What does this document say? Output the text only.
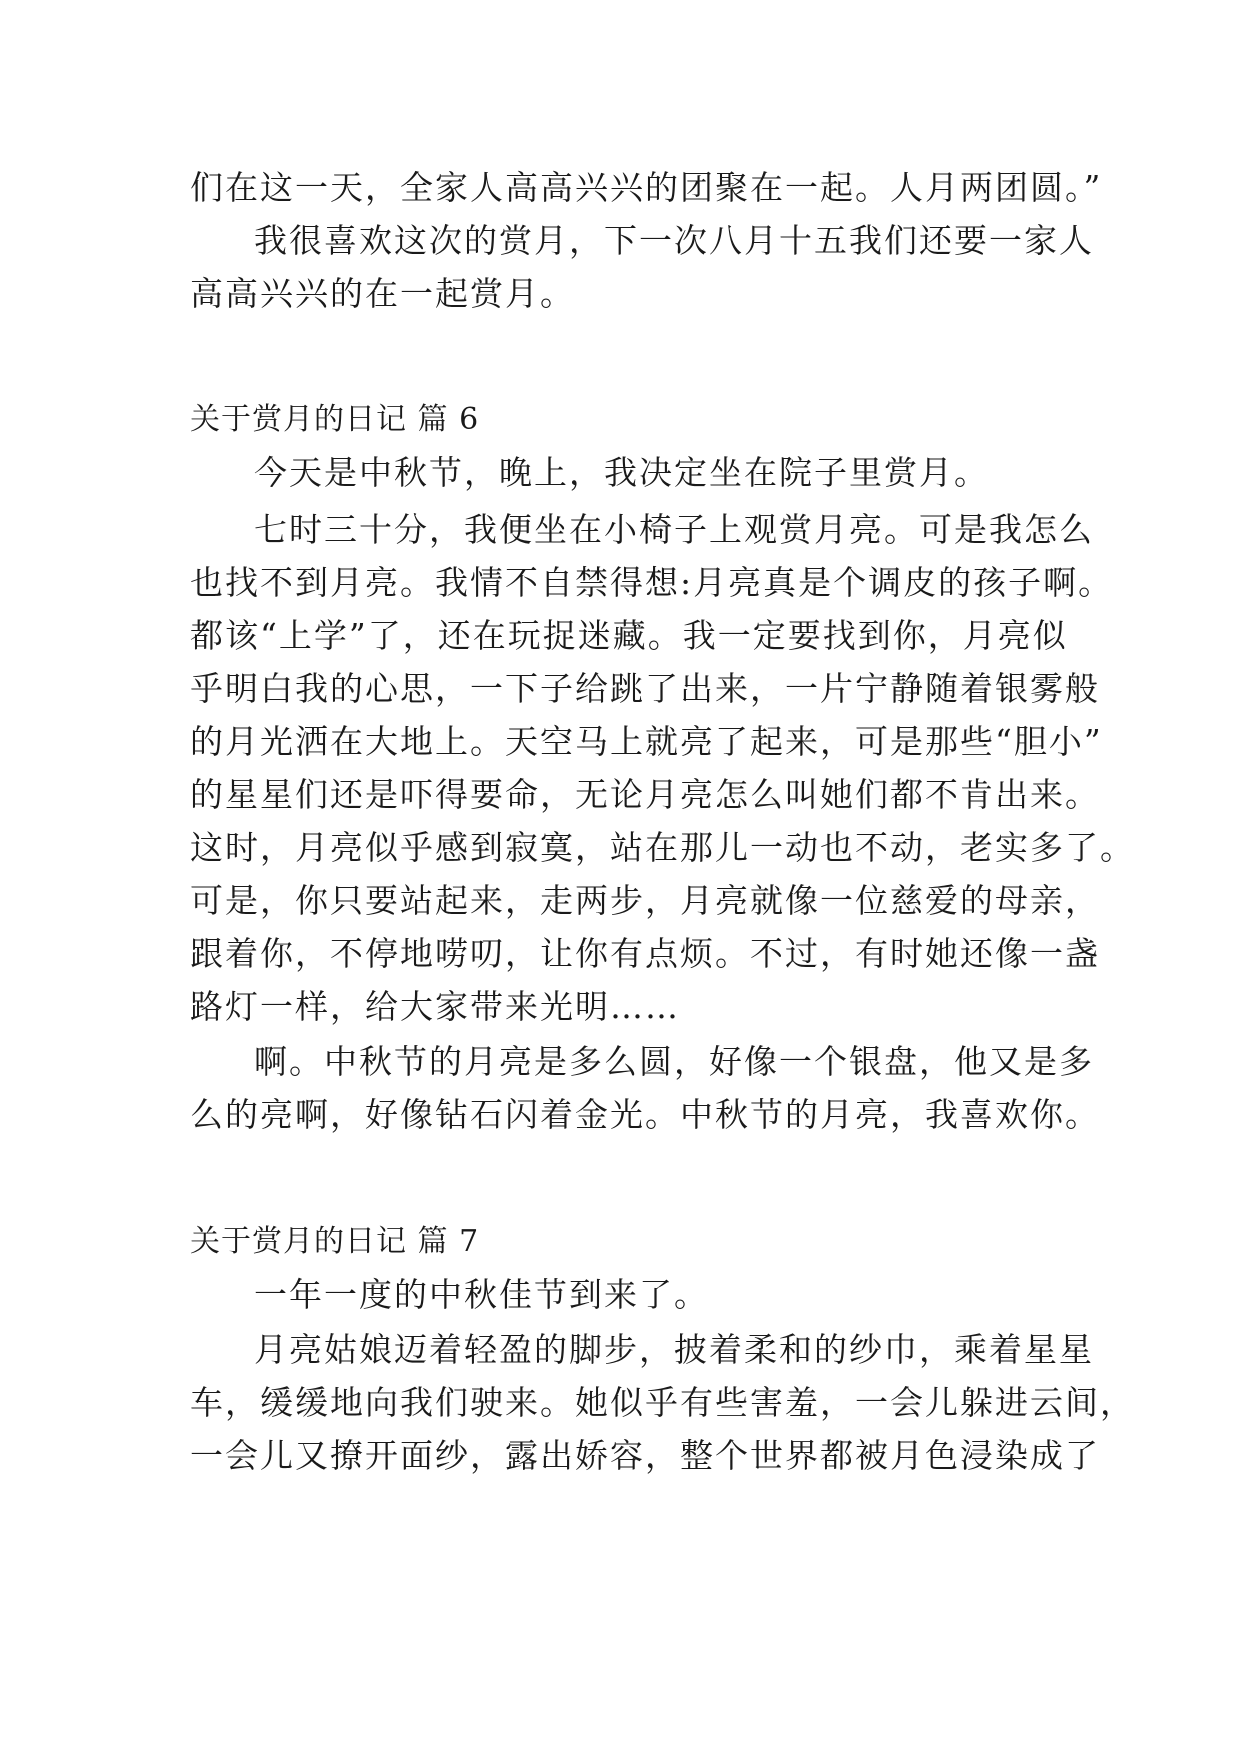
们在这一天，全家人高高兴兴的团聚在一起。人月两团圆。”
我很喜欢这次的赏月，下一次八月十五我们还要一家人
高高兴兴的在一起赏月。
关于赏月的日记 篇 6
今天是中秋节，晚上，我决定坐在院子里赏月。
七时三十分，我便坐在小椅子上观赏月亮。可是我怎么
也找不到月亮。我情不自禁得想:月亮真是个调皮的孩子啊。
都该“上学”了，还在玩捉迷藏。我一定要找到你，月亮似
乎明白我的心思，一下子给跳了出来，一片宁静随着银雾般
的月光洒在大地上。天空马上就亮了起来，可是那些“胆小”
的星星们还是吓得要命，无论月亮怎么叫她们都不肯出来。
这时，月亮似乎感到寂寞，站在那儿一动也不动，老实多了。
可是，你只要站起来，走两步，月亮就像一位慈爱的母亲，
跟着你，不停地唠叨，让你有点烦。不过，有时她还像一盏
路灯一样，给大家带来光明……
啊。中秋节的月亮是多么圆，好像一个银盘，他又是多
么的亮啊，好像钻石闪着金光。中秋节的月亮，我喜欢你。
关于赏月的日记 篇 7
一年一度的中秋佳节到来了。
月亮姑娘迈着轻盈的脚步，披着柔和的纱巾，乘着星星
车，缓缓地向我们驶来。她似乎有些害羞，一会儿躲进云间，
一会儿又撩开面纱，露出娇容，整个世界都被月色浸染成了
